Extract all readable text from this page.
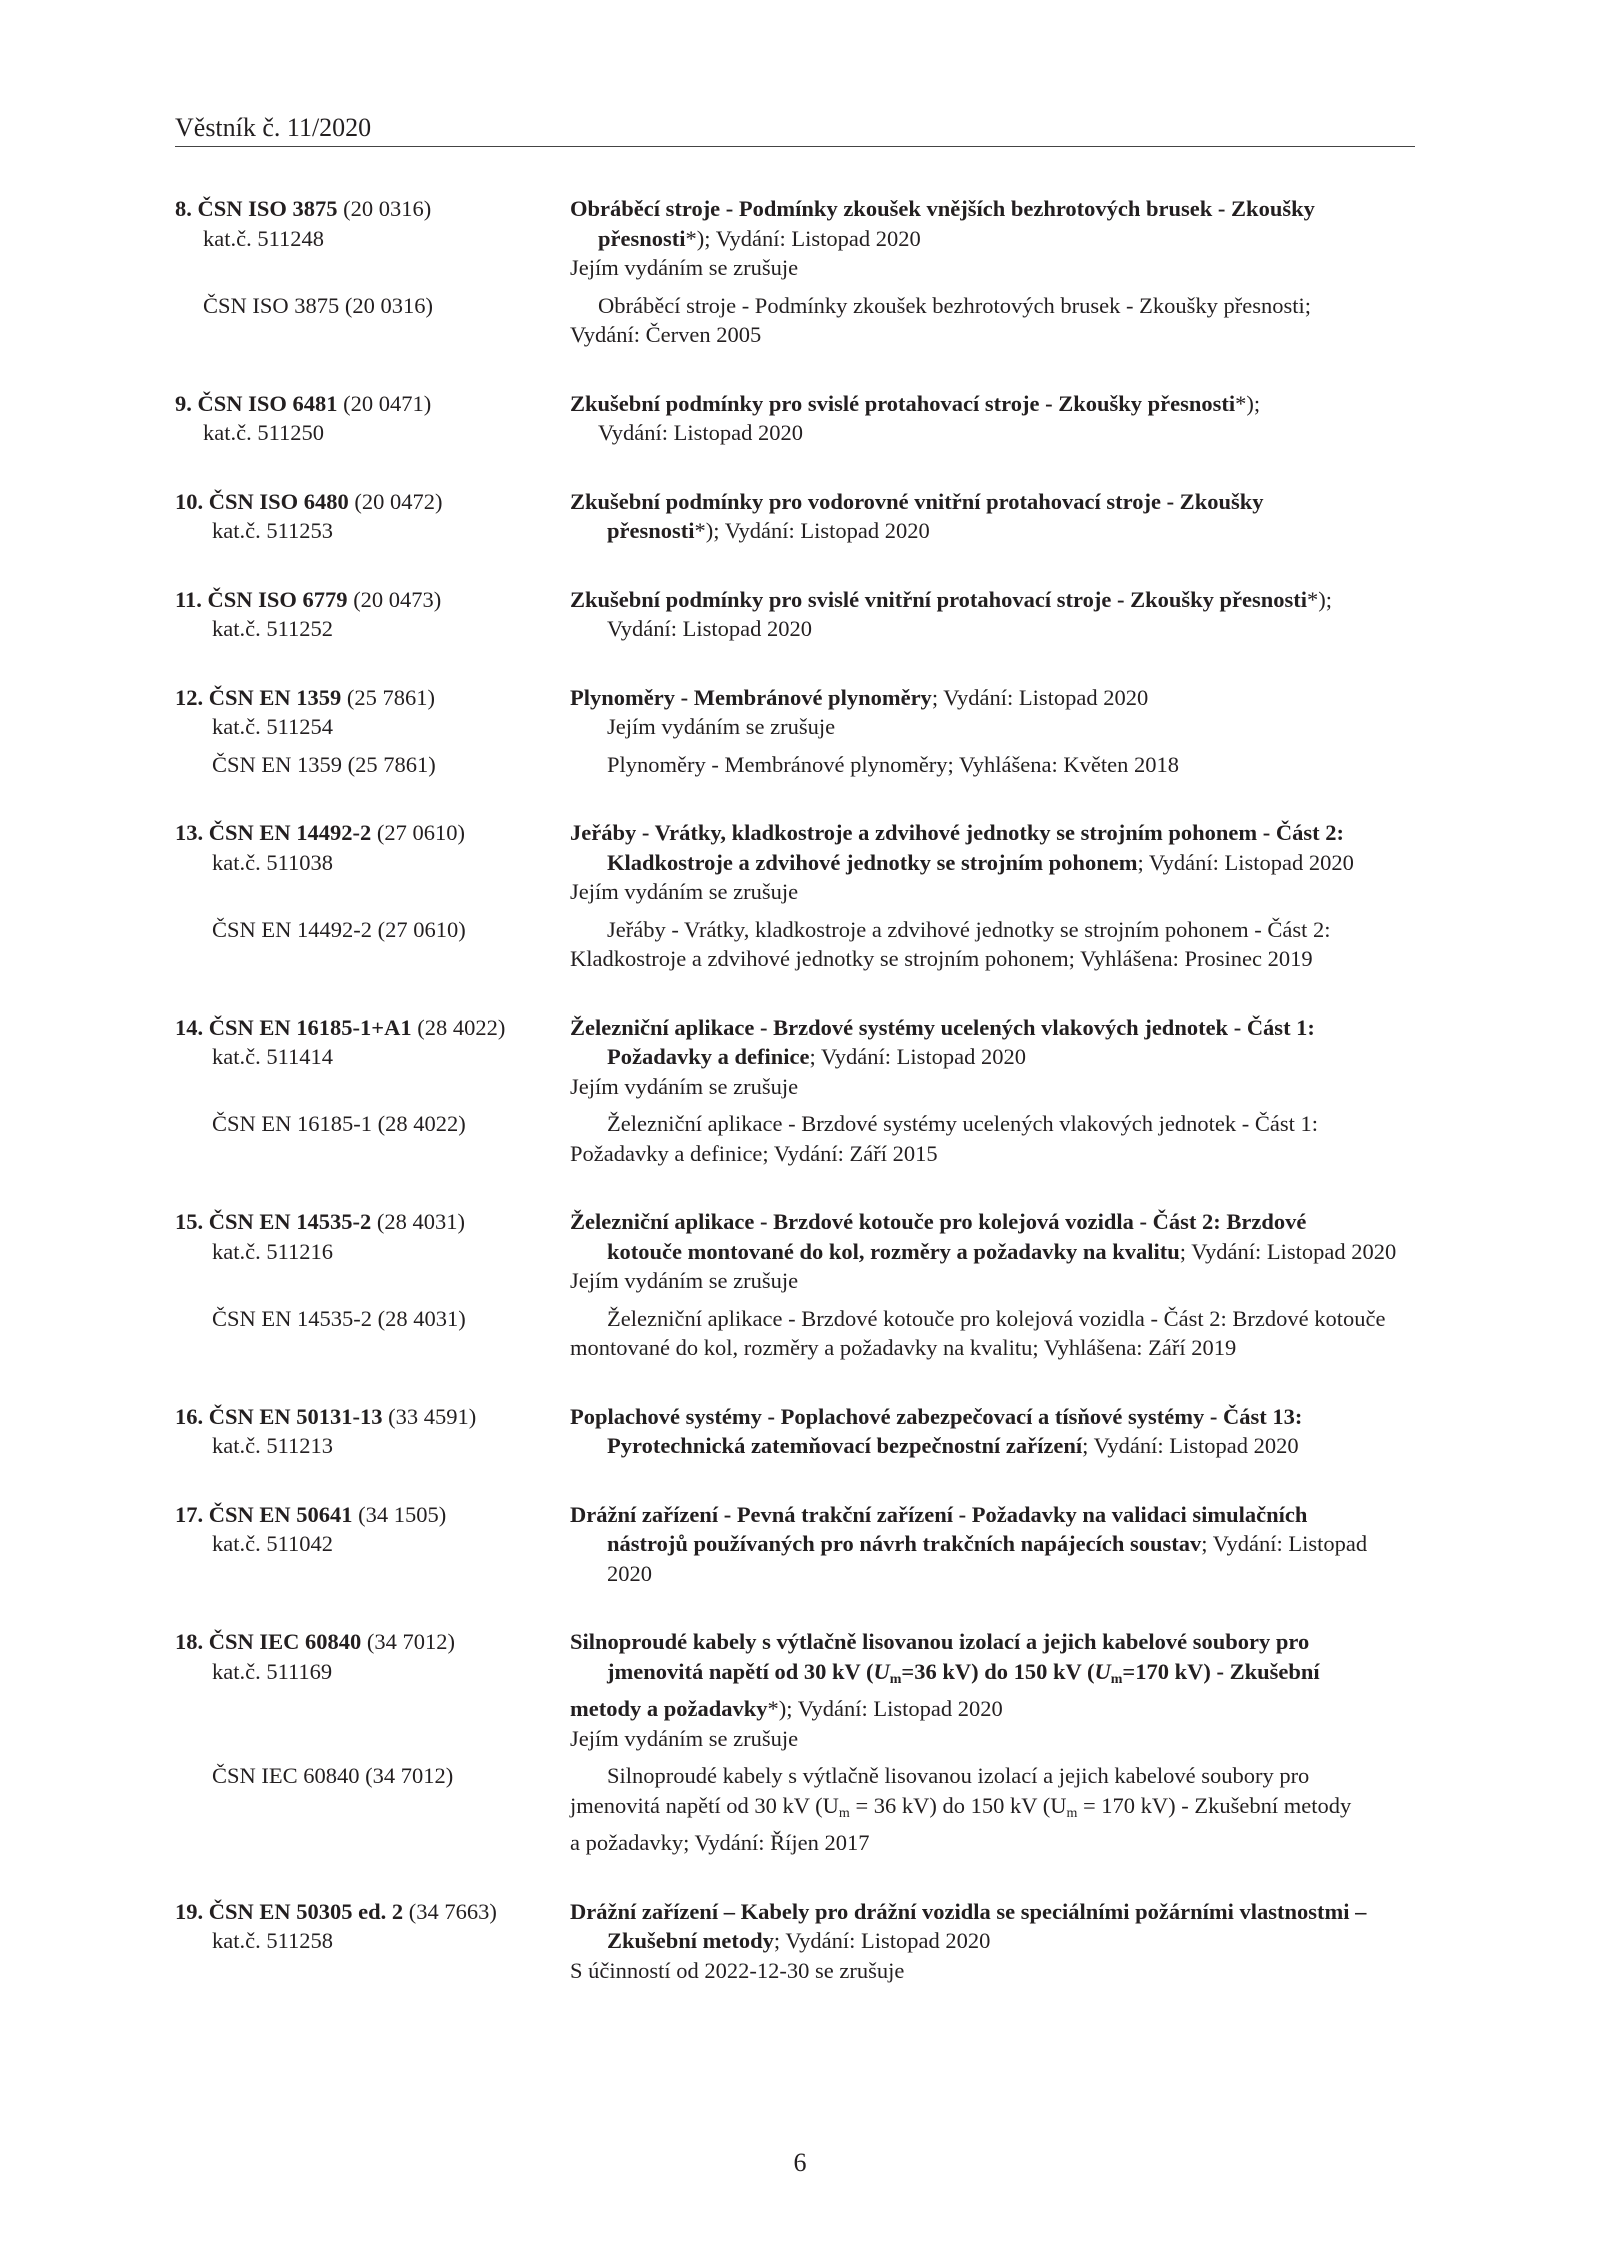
Věstník č. 11/2020
8. ČSN ISO 3875 (20 0316)	Obráběcí stroje - Podmínky zkoušek vnějších bezhrotových brusek - Zkoušky
kat.č. 511248	přesnosti*); Vydání: Listopad 2020
Jejím vydáním se zrušuje
ČSN ISO 3875 (20 0316)	Obráběcí stroje - Podmínky zkoušek bezhrotových brusek - Zkoušky přesnosti;
Vydání: Červen 2005
9. ČSN ISO 6481 (20 0471)	Zkušební podmínky pro svislé protahovací stroje - Zkoušky přesnosti*);
kat.č. 511250	Vydání: Listopad 2020
10. ČSN ISO 6480 (20 0472)	Zkušební podmínky pro vodorovné vnitřní protahovací stroje - Zkoušky
kat.č. 511253	přesnosti*); Vydání: Listopad 2020
11. ČSN ISO 6779 (20 0473)	Zkušební podmínky pro svislé vnitřní protahovací stroje - Zkoušky přesnosti*);
kat.č. 511252	Vydání: Listopad 2020
12. ČSN EN 1359 (25 7861)	Plynoměry - Membránové plynoměry; Vydání: Listopad 2020
kat.č. 511254	Jejím vydáním se zrušuje
ČSN EN 1359 (25 7861)	Plynoměry - Membránové plynoměry; Vyhlášena: Květen 2018
13. ČSN EN 14492-2 (27 0610)	Jeřáby - Vrátky, kladkostroje a zdvihové jednotky se strojním pohonem - Část 2:
kat.č. 511038	Kladkostroje a zdvihové jednotky se strojním pohonem; Vydání: Listopad 2020
Jejím vydáním se zrušuje
ČSN EN 14492-2 (27 0610)	Jeřáby - Vrátky, kladkostroje a zdvihové jednotky se strojním pohonem - Část 2:
Kladkostroje a zdvihové jednotky se strojním pohonem; Vyhlášena: Prosinec 2019
14. ČSN EN 16185-1+A1 (28 4022)	Železniční aplikace - Brzdové systémy ucelených vlakových jednotek - Část 1:
kat.č. 511414	Požadavky a definice; Vydání: Listopad 2020
Jejím vydáním se zrušuje
ČSN EN 16185-1 (28 4022)	Železniční aplikace - Brzdové systémy ucelených vlakových jednotek - Část 1:
Požadavky a definice; Vydání: Září 2015
15. ČSN EN 14535-2 (28 4031)	Železniční aplikace - Brzdové kotouče pro kolejová vozidla - Část 2: Brzdové
kat.č. 511216	kotouče montované do kol, rozměry a požadavky na kvalitu; Vydání: Listopad 2020
Jejím vydáním se zrušuje
ČSN EN 14535-2 (28 4031)	Železniční aplikace - Brzdové kotouče pro kolejová vozidla - Část 2: Brzdové kotouče
montované do kol, rozměry a požadavky na kvalitu; Vyhlášena: Září 2019
16. ČSN EN 50131-13 (33 4591)	Poplachové systémy - Poplachové zabezpečovací a tísňové systémy - Část 13:
kat.č. 511213	Pyrotechnická zatemňovací bezpečnostní zařízení; Vydání: Listopad 2020
17. ČSN EN 50641 (34 1505)	Drážní zařízení - Pevná trakční zařízení - Požadavky na validaci simulačních
kat.č. 511042	nástrojů používaných pro návrh trakčních napájecích soustav; Vydání: Listopad 2020
18. ČSN IEC 60840 (34 7012)	Silnoproudé kabely s výtlačně lisovanou izolací a jejich kabelové soubory pro
kat.č. 511169	jmenovitá napětí od 30 kV ($U_m=36$ kV) do 150 kV ($U_m=170$ kV) - Zkušební
metody a požadavky*); Vydání: Listopad 2020
Jejím vydáním se zrušuje
ČSN IEC 60840 (34 7012)	Silnoproudé kabely s výtlačně lisovanou izolací a jejich kabelové soubory pro
jmenovitá napětí od 30 kV ($U_m = 36$ kV) do 150 kV ($U_m = 170$ kV) - Zkušební metody
a požadavky; Vydání: Říjen 2017
19. ČSN EN 50305 ed. 2 (34 7663)	Drážní zařízení – Kabely pro drážní vozidla se speciálními požárními vlastnostmi –
kat.č. 511258	Zkušební metody; Vydání: Listopad 2020
S účinností od 2022-12-30 se zrušuje
6
